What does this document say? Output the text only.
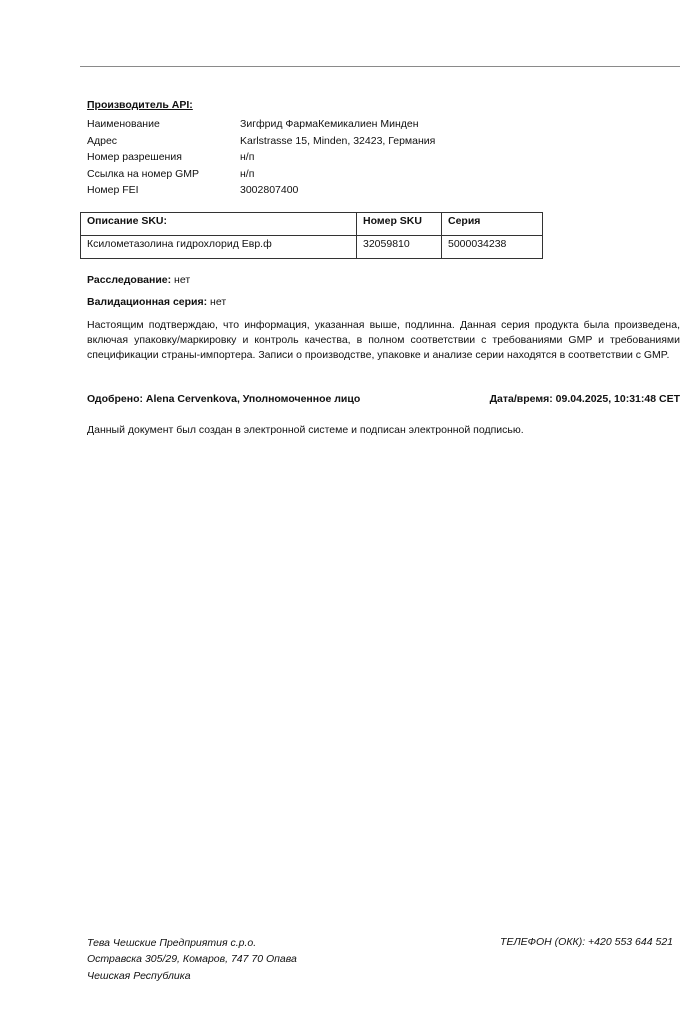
Производитель API:
Наименование	Зигфрид ФармаКемикалиен Минден
Адрес	Karlstrasse 15, Minden, 32423, Германия
Номер разрешения	н/п
Ссылка на номер GMP	н/п
Номер FEI	3002807400
Описание SKU:	Номер SKU	Серия
Ксилометазолина гидрохлорид Евр.ф	32059810	5000034238
Расследование: нет
Валидационная серия: нет
Настоящим подтверждаю, что информация, указанная выше, подлинна. Данная серия продукта была произведена, включая упаковку/маркировку и контроль качества, в полном соответствии с требованиями GMP и требованиями спецификации страны-импортера. Записи о производстве, упаковке и анализе серии находятся в соответствии с GMP.
Одобрено: Alena Cervenkova, Уполномоченное лицо	Дата/время: 09.04.2025, 10:31:48 CET
Данный документ был создан в электронной системе и подписан электронной подписью.
Тева Чешские Предприятия с.р.о.
Остравска 305/29, Комаров, 747 70 Опава
Чешская Республика
ТЕЛЕФОН (ОКК): +420 553 644 521
